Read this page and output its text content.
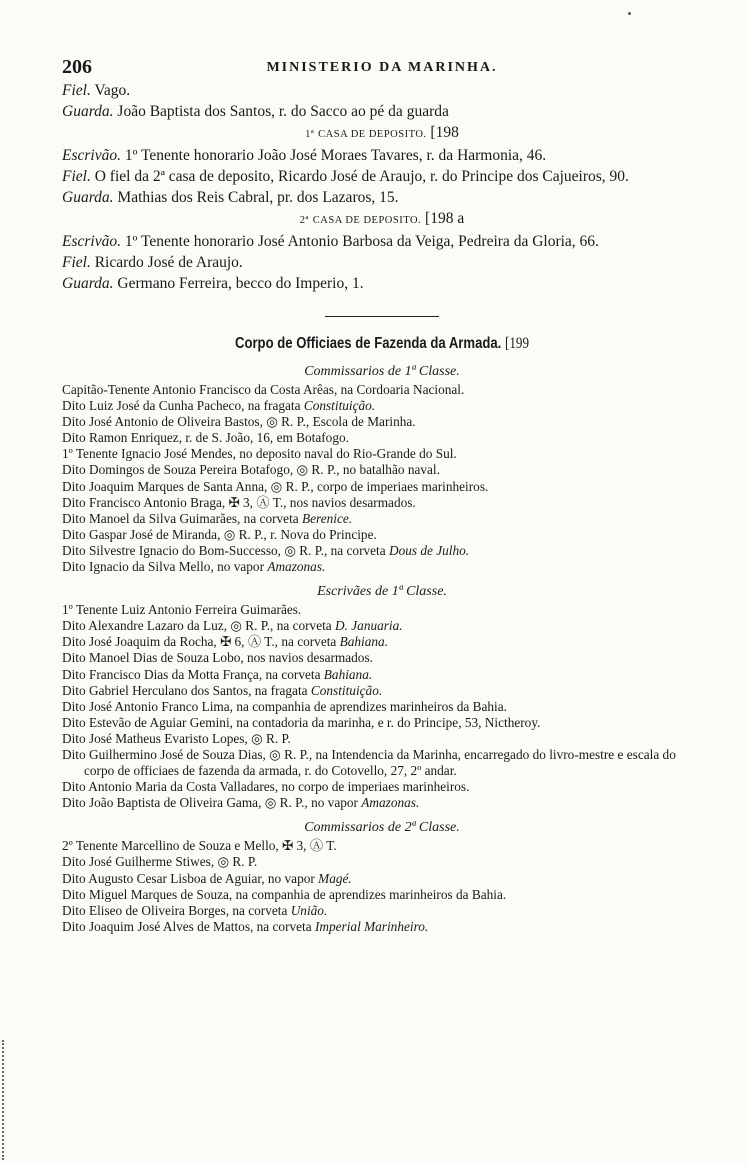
206	MINISTERIO DA MARINHA.
Fiel. Vago.
Guarda. João Baptista dos Santos, r. do Sacco ao pé da guarda
1ª CASA DE DEPOSITO. [198
Escrivão. 1º Tenente honorario João José Moraes Tavares, r. da Harmonia, 46.
Fiel. O fiel da 2ª casa de deposito, Ricardo José de Araujo, r. do Principe dos Cajueiros, 90.
Guarda. Mathias dos Reis Cabral, pr. dos Lazaros, 15.
2ª CASA DE DEPOSITO. [198 a
Escrivão. 1º Tenente honorario José Antonio Barbosa da Veiga, Pedreira da Gloria, 66.
Fiel. Ricardo José de Araujo.
Guarda. Germano Ferreira, becco do Imperio, 1.
Corpo de Officiaes de Fazenda da Armada. [199
Commissarios de 1ª Classe.
Capitão-Tenente Antonio Francisco da Costa Arêas, na Cordoaria Nacional.
Dito Luiz José da Cunha Pacheco, na fragata Constituição.
Dito José Antonio de Oliveira Bastos, ◎ R. P., Escola de Marinha.
Dito Ramon Enriquez, r. de S. João, 16, em Botafogo.
1º Tenente Ignacio José Mendes, no deposito naval do Rio-Grande do Sul.
Dito Domingos de Souza Pereira Botafogo, ◎ R. P., no batalhão naval.
Dito Joaquim Marques de Santa Anna, ◎ R. P., corpo de imperiaes marinheiros.
Dito Francisco Antonio Braga, ✠ 3, Ⓐ T., nos navios desarmados.
Dito Manoel da Silva Guimarães, na corveta Berenice.
Dito Gaspar José de Miranda, ◎ R. P., r. Nova do Principe.
Dito Silvestre Ignacio do Bom-Successo, ◎ R. P., na corveta Dous de Julho.
Dito Ignacio da Silva Mello, no vapor Amazonas.
Escrivães de 1ª Classe.
1º Tenente Luiz Antonio Ferreira Guimarães.
Dito Alexandre Lazaro da Luz, ◎ R. P., na corveta D. Januaria.
Dito José Joaquim da Rocha, ✠ 6, Ⓐ T., na corveta Bahiana.
Dito Manoel Dias de Souza Lobo, nos navios desarmados.
Dito Francisco Dias da Motta França, na corveta Bahiana.
Dito Gabriel Herculano dos Santos, na fragata Constituição.
Dito José Antonio Franco Lima, na companhia de aprendizes marinheiros da Bahia.
Dito Estevão de Aguiar Gemini, na contadoria da marinha, e r. do Principe, 53, Nictheroy.
Dito José Matheus Evaristo Lopes, ◎ R. P.
Dito Guilhermino José de Souza Dias, ◎ R. P., na Intendencia da Marinha, encarregado do livro-mestre e escala do corpo de officiaes de fazenda da armada, r. do Cotovello, 27, 2º andar.
Dito Antonio Maria da Costa Valladares, no corpo de imperiaes marinheiros.
Dito João Baptista de Oliveira Gama, ◎ R. P., no vapor Amazonas.
Commissarios de 2ª Classe.
2º Tenente Marcellino de Souza e Mello, ✠ 3, Ⓐ T.
Dito José Guilherme Stiwes, ◎ R. P.
Dito Augusto Cesar Lisboa de Aguiar, no vapor Magé.
Dito Miguel Marques de Souza, na companhia de aprendizes marinheiros da Bahia.
Dito Eliseo de Oliveira Borges, na corveta União.
Dito Joaquim José Alves de Mattos, na corveta Imperial Marinheiro.
